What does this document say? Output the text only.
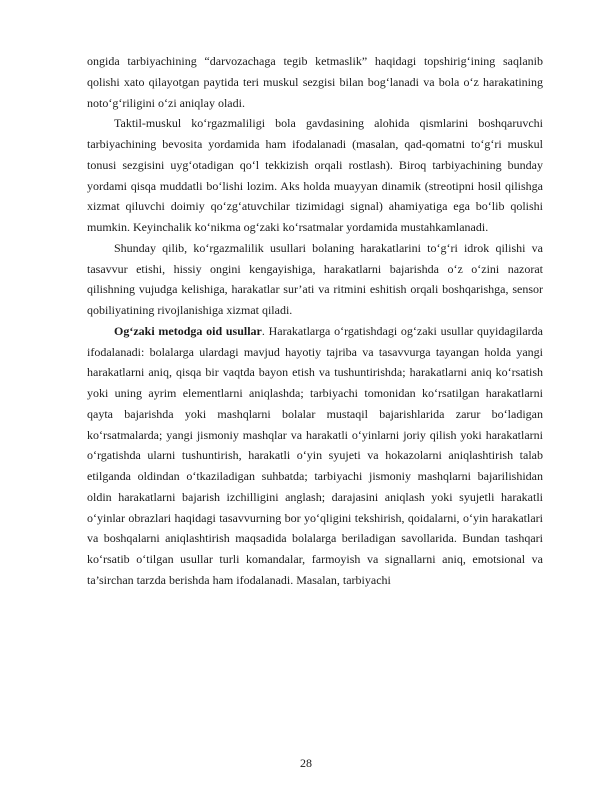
ongida tarbiyachining “darvozachaga tegib ketmaslik” haqidagi topshirig‘ining saqlanib qolishi xato qilayotgan paytida teri muskul sezgisi bilan bog‘lanadi va bola o‘z harakatining noto‘g‘riligini o‘zi aniqlay oladi.

Taktil-muskul ko‘rgazmaliligi bola gavdasining alohida qismlarini boshqaruvchi tarbiyachining bevosita yordamida ham ifodalanadi (masalan, qad-qomatni to‘g‘ri muskul tonusi sezgisini uyg‘otadigan qo‘l tekkizish orqali rostlash). Biroq tarbiyachining bunday yordami qisqa muddatli bo‘lishi lozim. Aks holda muayyan dinamik (streotipni hosil qilishga xizmat qiluvchi doimiy qo‘zg‘atuvchilar tizimidagi signal) ahamiyatiga ega bo‘lib qolishi mumkin. Keyinchalik ko‘nikma og‘zaki ko‘rsatmalar yordamida mustahkamlanadi.

Shunday qilib, ko‘rgazmalilik usullari bolaning harakatlarini to‘g‘ri idrok qilishi va tasavvur etishi, hissiy ongini kengayishiga, harakatlarni bajarishda o‘z o‘zini nazorat qilishning vujudga kelishiga, harakatlar sur’ati va ritmini eshitish orqali boshqarishga, sensor qobiliyatining rivojlanishiga xizmat qiladi.

Og‘zaki metodga oid usullar. Harakatlarga o‘rgatishdagi og‘zaki usullar quyidagilarda ifodalanadi: bolalarga ulardagi mavjud hayotiy tajriba va tasavvurga tayangan holda yangi harakatlarni aniq, qisqa bir vaqtda bayon etish va tushuntirishda; harakatlarni aniq ko‘rsatish yoki uning ayrim elementlarni aniqlashda; tarbiyachi tomonidan ko‘rsatilgan harakatlarni qayta bajarishda yoki mashqlarni bolalar mustaqil bajarishlarida zarur bo‘ladigan ko‘rsatmalarda; yangi jismoniy mashqlar va harakatli o‘yinlarni joriy qilish yoki harakatlarni o‘rgatishda ularni tushuntirish, harakatli o‘yin syujeti va hokazolarni aniqlashtirish talab etilganda oldindan o‘tkaziladigan suhbatda; tarbiyachi jismoniy mashqlarni bajarilishidan oldin harakatlarni bajarish izchilligini anglash; darajasini aniqlash yoki syujetli harakatli o‘yinlar obrazlari haqidagi tasavvurning bor yo‘qligini tekshirish, qoidalarni, o‘yin harakatlari va boshqalarni aniqlashtirish maqsadida bolalarga beriladigan savollarida. Bundan tashqari ko‘rsatib o‘tilgan usullar turli komandalar, farmoyish va signallarni aniq, emotsional va ta’sirchan tarzda berishda ham ifodalanadi. Masalan, tarbiyachi

28
